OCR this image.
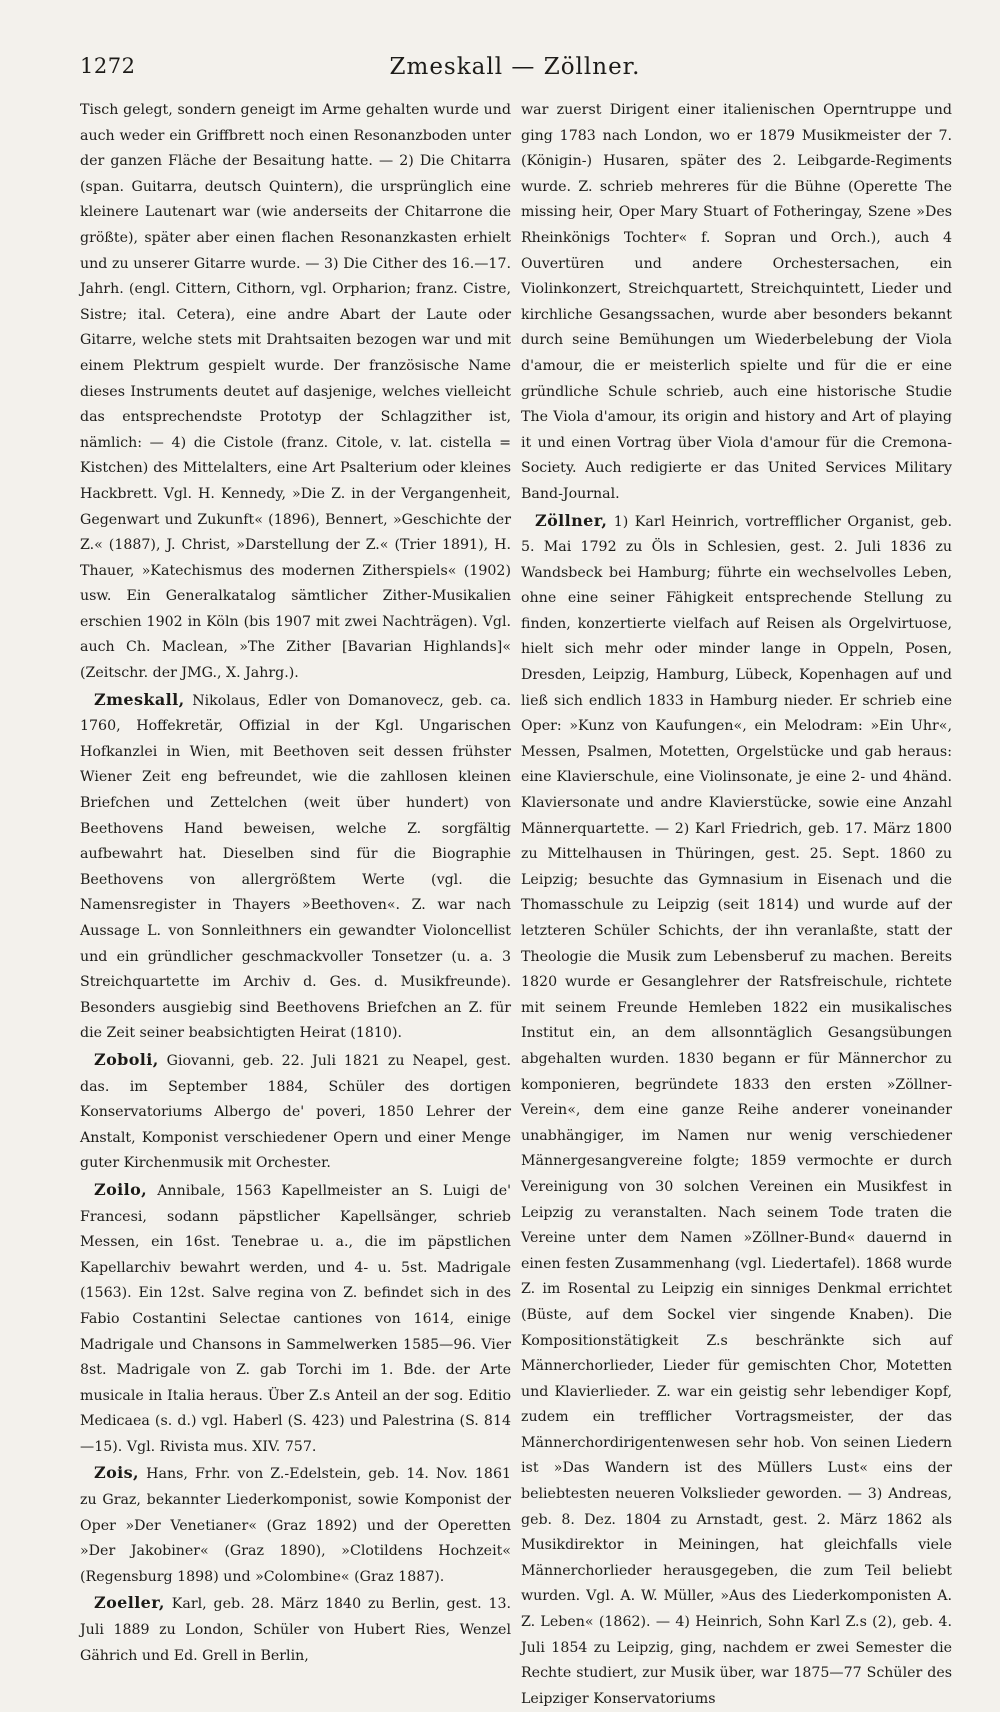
1272	Zmeskall — Zöllner.

Tisch gelegt, sondern geneigt im Arme gehalten wurde und auch weder ein Griffbrett noch einen Resonanzboden unter der ganzen Fläche der Besaitung hatte. — 2) Die Chitarra (span. Guitarra, deutsch Quintern), die ursprünglich eine kleinere Lautenart war (wie anderseits der Chitarrone die größte), später aber einen flachen Resonanzkasten erhielt und zu unserer Gitarre wurde. — 3) Die Cither des 16.—17. Jahrh. (engl. Cittern, Cithorn, vgl. Orpharion; franz. Cistre, Sistre; ital. Cetera), eine andre Abart der Laute oder Gitarre, welche stets mit Drahtsaiten bezogen war und mit einem Plektrum gespielt wurde. Der französische Name dieses Instruments deutet auf dasjenige, welches vielleicht das entsprechendste Prototyp der Schlagzither ist, nämlich: — 4) die Cistole (franz. Citole, v. lat. cistella = Kistchen) des Mittelalters, eine Art Psalterium oder kleines Hackbrett. Vgl. H. Kennedy, »Die Z. in der Vergangenheit, Gegenwart und Zukunft« (1896), Bennert, »Geschichte der Z.« (1887), J. Christ, »Darstellung der Z.« (Trier 1891), H. Thauer, »Katechismus des modernen Zitherspiels« (1902) usw. Ein Generalkatalog sämtlicher Zither-Musikalien erschien 1902 in Köln (bis 1907 mit zwei Nachträgen). Vgl. auch Ch. Maclean, »The Zither [Bavarian Highlands]« (Zeitschr. der JMG., X. Jahrg.).

Zmeskall, Nikolaus, Edler von Domanovecz, geb. ca. 1760, Hoffekretär, Offizial in der Kgl. Ungarischen Hofkanzlei in Wien, mit Beethoven seit dessen frühster Wiener Zeit eng befreundet, wie die zahllosen kleinen Briefchen und Zettelchen (weit über hundert) von Beethovens Hand beweisen, welche Z. sorgfältig aufbewahrt hat. Dieselben sind für die Biographie Beethovens von allergrößtem Werte (vgl. die Namensregister in Thayers »Beethoven«. Z. war nach Aussage L. von Sonnleithners ein gewandter Violoncellist und ein gründlicher geschmackvoller Tonsetzer (u. a. 3 Streichquartette im Archiv d. Ges. d. Musikfreunde). Besonders ausgiebig sind Beethovens Briefchen an Z. für die Zeit seiner beabsichtigten Heirat (1810).

Zoboli, Giovanni, geb. 22. Juli 1821 zu Neapel, gest. das. im September 1884, Schüler des dortigen Konservatoriums Albergo de' poveri, 1850 Lehrer der Anstalt, Komponist verschiedener Opern und einer Menge guter Kirchenmusik mit Orchester.

Zoilo, Annibale, 1563 Kapellmeister an S. Luigi de' Francesi, sodann päpstlicher Kapellsänger, schrieb Messen, ein 16st. Tenebrae u. a., die im päpstlichen Kapellarchiv bewahrt werden, und 4- u. 5st. Madrigale (1563). Ein 12st. Salve regina von Z. befindet sich in des Fabio Costantini Selectae cantiones von 1614, einige Madrigale und Chansons in Sammelwerken 1585—96. Vier 8st. Madrigale von Z. gab Torchi im 1. Bde. der Arte musicale in Italia heraus. Über Z.s Anteil an der sog. Editio Medicaea (s. d.) vgl. Haberl (S. 423) und Palestrina (S. 814—15). Vgl. Rivista mus. XIV. 757.

Zois, Hans, Frhr. von Z.-Edelstein, geb. 14. Nov. 1861 zu Graz, bekannter Liederkomponist, sowie Komponist der Oper »Der Venetianer« (Graz 1892) und der Operetten »Der Jakobiner« (Graz 1890), »Clotildens Hochzeit« (Regensburg 1898) und »Colombine« (Graz 1887).

Zoeller, Karl, geb. 28. März 1840 zu Berlin, gest. 13. Juli 1889 zu London, Schüler von Hubert Ries, Wenzel Gährich und Ed. Grell in Berlin,

war zuerst Dirigent einer italienischen Operntruppe und ging 1783 nach London, wo er 1879 Musikmeister der 7. (Königin-) Husaren, später des 2. Leibgarde-Regiments wurde. Z. schrieb mehreres für die Bühne (Operette The missing heir, Oper Mary Stuart of Fotheringay, Szene »Des Rheinkönigs Tochter« f. Sopran und Orch.), auch 4 Ouvertüren und andere Orchestersachen, ein Violinkonzert, Streichquartett, Streichquintett, Lieder und kirchliche Gesangssachen, wurde aber besonders bekannt durch seine Bemühungen um Wiederbelebung der Viola d'amour, die er meisterlich spielte und für die er eine gründliche Schule schrieb, auch eine historische Studie The Viola d'amour, its origin and history and Art of playing it und einen Vortrag über Viola d'amour für die Cremona-Society. Auch redigierte er das United Services Military Band-Journal.

Zöllner, 1) Karl Heinrich, vortrefflicher Organist, geb. 5. Mai 1792 zu Öls in Schlesien, gest. 2. Juli 1836 zu Wandsbeck bei Hamburg; führte ein wechselvolles Leben, ohne eine seiner Fähigkeit entsprechende Stellung zu finden, konzertierte vielfach auf Reisen als Orgelvirtuose, hielt sich mehr oder minder lange in Oppeln, Posen, Dresden, Leipzig, Hamburg, Lübeck, Kopenhagen auf und ließ sich endlich 1833 in Hamburg nieder. Er schrieb eine Oper: »Kunz von Kaufungen«, ein Melodram: »Ein Uhr«, Messen, Psalmen, Motetten, Orgelstücke und gab heraus: eine Klavierschule, eine Violinsonate, je eine 2- und 4händ. Klaviersonate und andre Klavierstücke, sowie eine Anzahl Männerquartette. — 2) Karl Friedrich, geb. 17. März 1800 zu Mittelhausen in Thüringen, gest. 25. Sept. 1860 zu Leipzig; besuchte das Gymnasium in Eisenach und die Thomasschule zu Leipzig (seit 1814) und wurde auf der letzteren Schüler Schichts, der ihn veranlaßte, statt der Theologie die Musik zum Lebensberuf zu machen. Bereits 1820 wurde er Gesanglehrer der Ratsfreischule, richtete mit seinem Freunde Hemleben 1822 ein musikalisches Institut ein, an dem allsonntäglich Gesangsübungen abgehalten wurden. 1830 begann er für Männerchor zu komponieren, begründete 1833 den ersten »Zöllner-Verein«, dem eine ganze Reihe anderer voneinander unabhängiger, im Namen nur wenig verschiedener Männergesangvereine folgte; 1859 vermochte er durch Vereinigung von 30 solchen Vereinen ein Musikfest in Leipzig zu veranstalten. Nach seinem Tode traten die Vereine unter dem Namen »Zöllner-Bund« dauernd in einen festen Zusammenhang (vgl. Liedertafel). 1868 wurde Z. im Rosental zu Leipzig ein sinniges Denkmal errichtet (Büste, auf dem Sockel vier singende Knaben). Die Kompositionstätigkeit Z.s beschränkte sich auf Männerchorlieder, Lieder für gemischten Chor, Motetten und Klavierlieder. Z. war ein geistig sehr lebendiger Kopf, zudem ein trefflicher Vortragsmeister, der das Männerchordirigentenwesen sehr hob. Von seinen Liedern ist »Das Wandern ist des Müllers Lust« eins der beliebtesten neueren Volkslieder geworden. — 3) Andreas, geb. 8. Dez. 1804 zu Arnstadt, gest. 2. März 1862 als Musikdirektor in Meiningen, hat gleichfalls viele Männerchorlieder herausgegeben, die zum Teil beliebt wurden. Vgl. A. W. Müller, »Aus des Liederkomponisten A. Z. Leben« (1862). — 4) Heinrich, Sohn Karl Z.s (2), geb. 4. Juli 1854 zu Leipzig, ging, nachdem er zwei Semester die Rechte studiert, zur Musik über, war 1875—77 Schüler des Leipziger Konservatoriums
